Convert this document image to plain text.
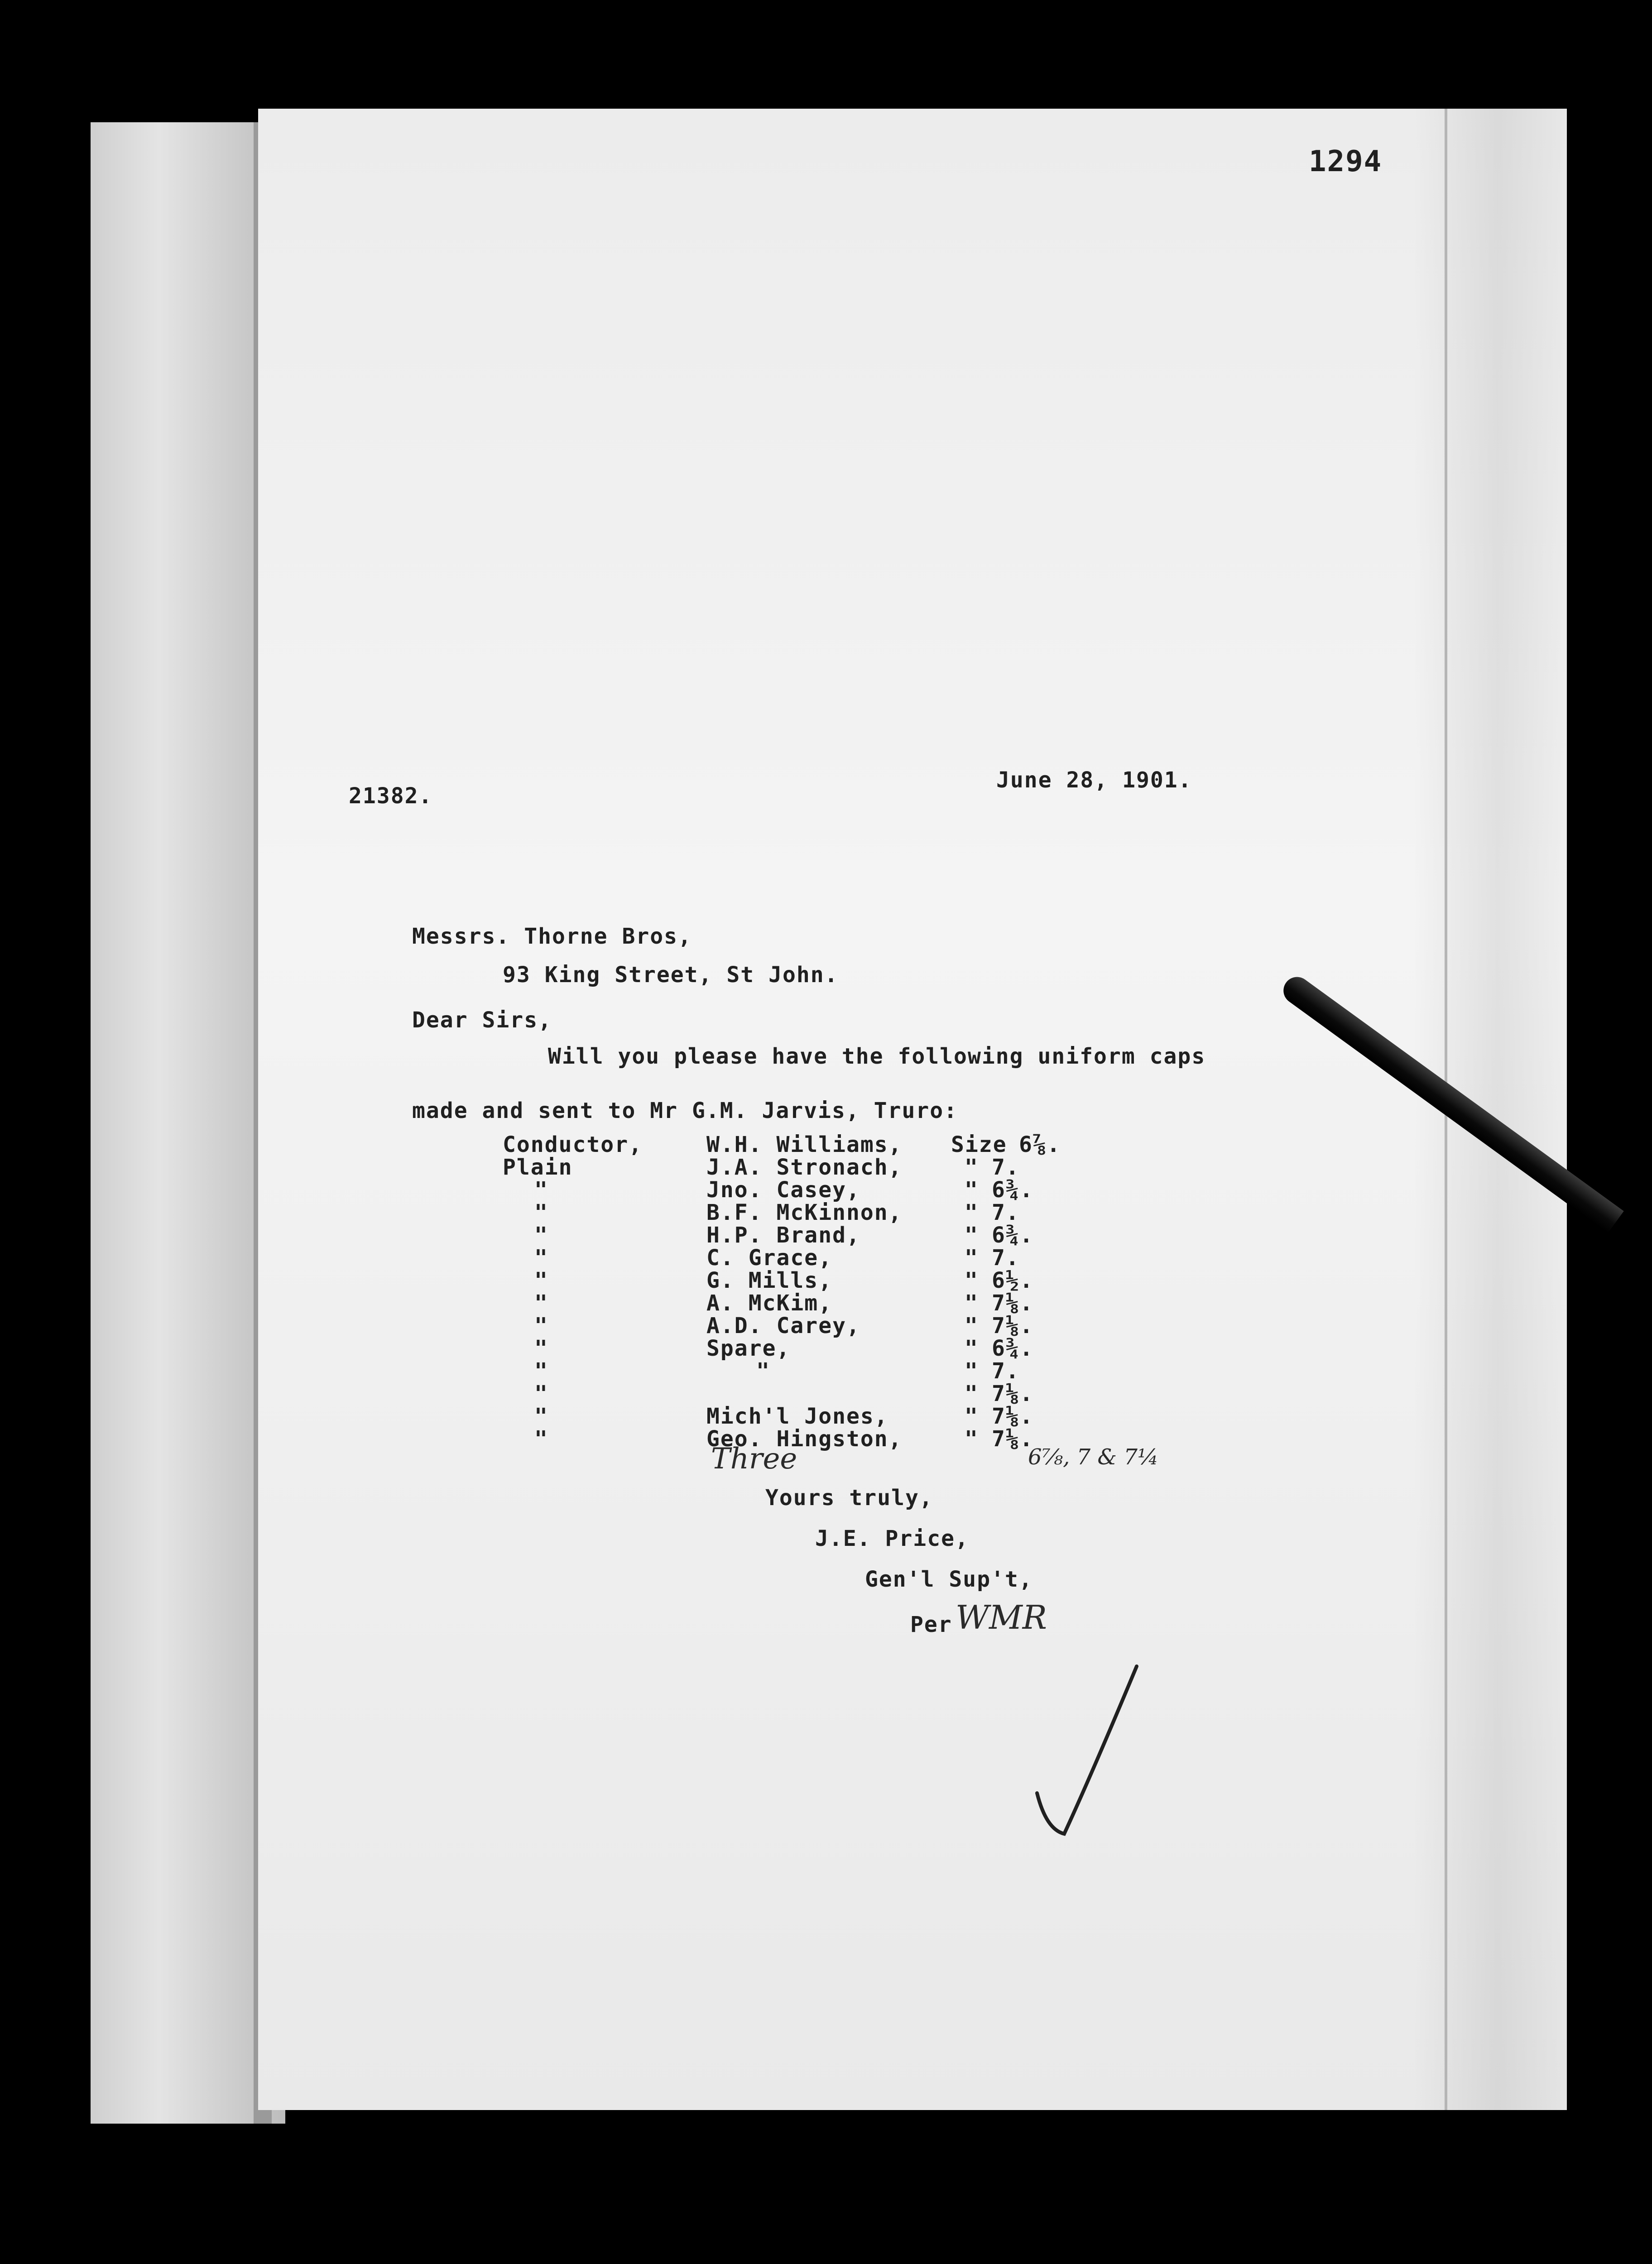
1294
21382.
June 28, 1901.
Messrs. Thorne Bros,
93 King Street, St John.
Dear Sirs,
Will you please have the following uniform caps
made and sent to Mr G.M. Jarvis, Truro:
Conductor,
Plain
"
"
"
"
"
"
"
"
"
"
"
"
W.H. Williams,
J.A. Stronach,
Jno. Casey,
B.F. McKinnon,
H.P. Brand,
C. Grace,
G. Mills,
A. McKim,
A.D. Carey,
Spare,
"
Mich'l Jones,
Geo. Hingston,
Size
"
"
"
"
"
"
"
"
"
"
"
"
"
6⅞.
7.
6¾.
7.
6¾.
7.
6½.
7⅛.
7⅛.
6¾.
7.
7⅛.
7⅛.
7⅛.
Three	6⅞, 7 & 7¼
Yours truly,
J.E. Price,
Gen'l Sup't,
Per WMR
